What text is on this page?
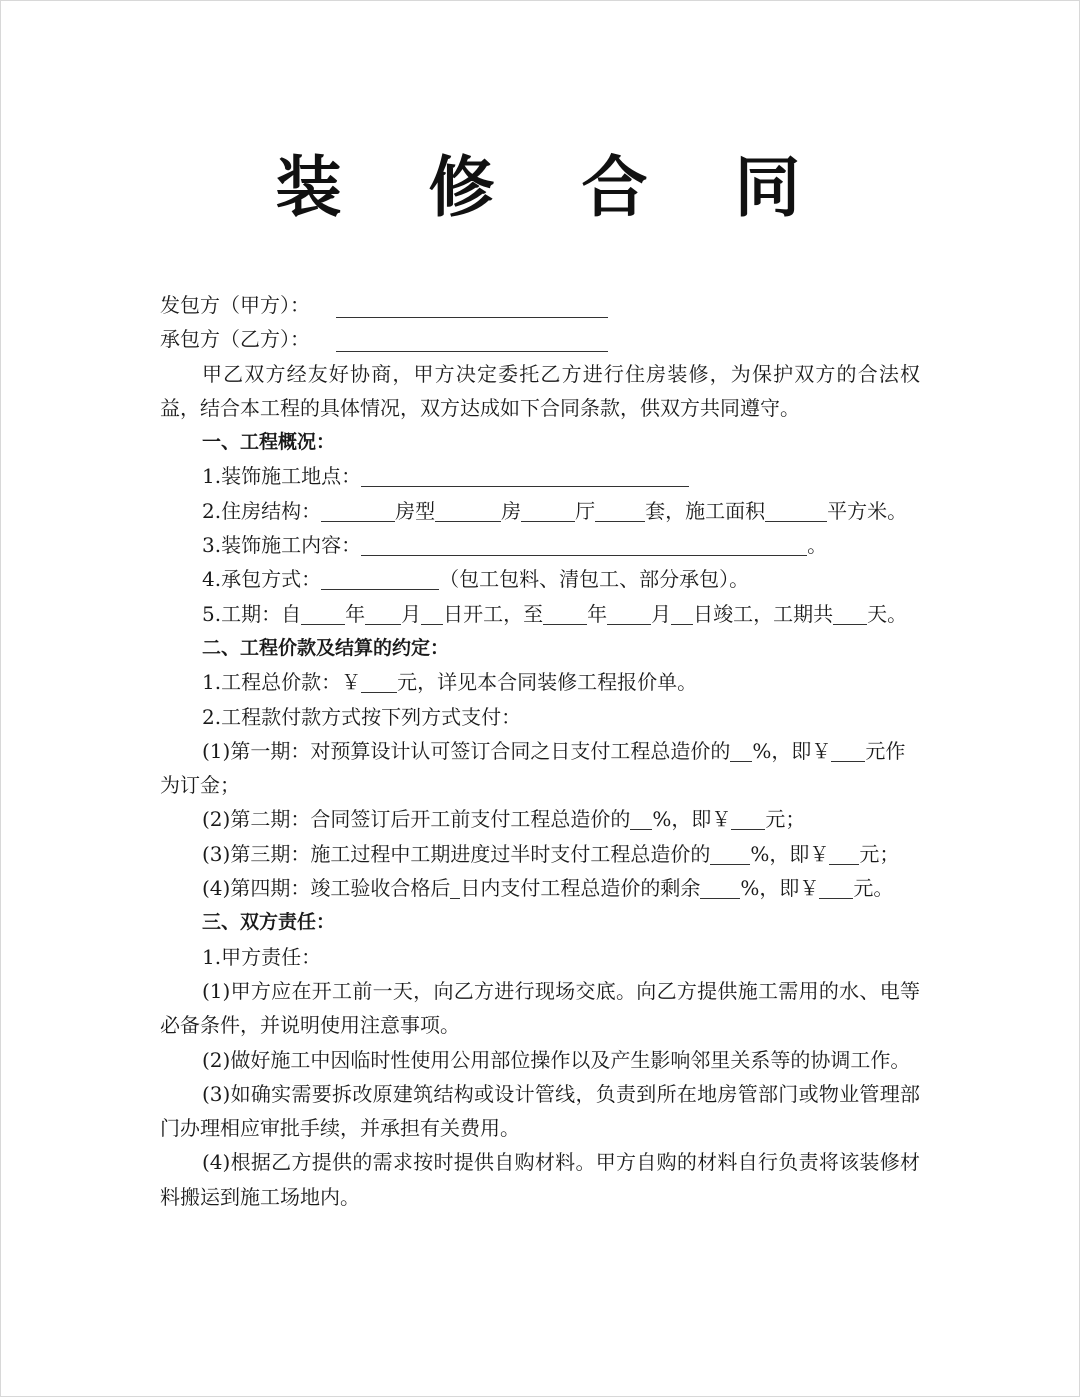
装 修 合 同
发包方（甲方）：
承包方（乙方）：
甲乙双方经友好协商，甲方决定委托乙方进行住房装修，为保护双方的合法权益，结合本工程的具体情况，双方达成如下合同条款，供双方共同遵守。
一、工程概况：
1.装饰施工地点：
2.住房结构：	房型	房	厅	套，施工面积	平方米。
3.装饰施工内容：	。
4.承包方式：	（包工包料、清包工、部分承包）。
5.工期：自 年 月 日开工，至 年 月 日竣工，工期共 天。
二、工程价款及结算的约定：
1.工程总价款：￥ 元，详见本合同装修工程报价单。
2.工程款付款方式按下列方式支付：
(1)第一期：对预算设计认可签订合同之日支付工程总造价的 %，即￥ 元作
为订金；
(2)第二期：合同签订后开工前支付工程总造价的 %，即￥ 元；
(3)第三期：施工过程中工期进度过半时支付工程总造价的 %，即￥ 元；
(4)第四期：竣工验收合格后 日内支付工程总造价的剩余 %，即￥ 元。
三、双方责任：
1.甲方责任：
(1)甲方应在开工前一天，向乙方进行现场交底。向乙方提供施工需用的水、电等必备条件，并说明使用注意事项。
(2)做好施工中因临时性使用公用部位操作以及产生影响邻里关系等的协调工作。
(3)如确实需要拆改原建筑结构或设计管线，负责到所在地房管部门或物业管理部门办理相应审批手续，并承担有关费用。
(4)根据乙方提供的需求按时提供自购材料。甲方自购的材料自行负责将该装修材料搬运到施工场地内。
